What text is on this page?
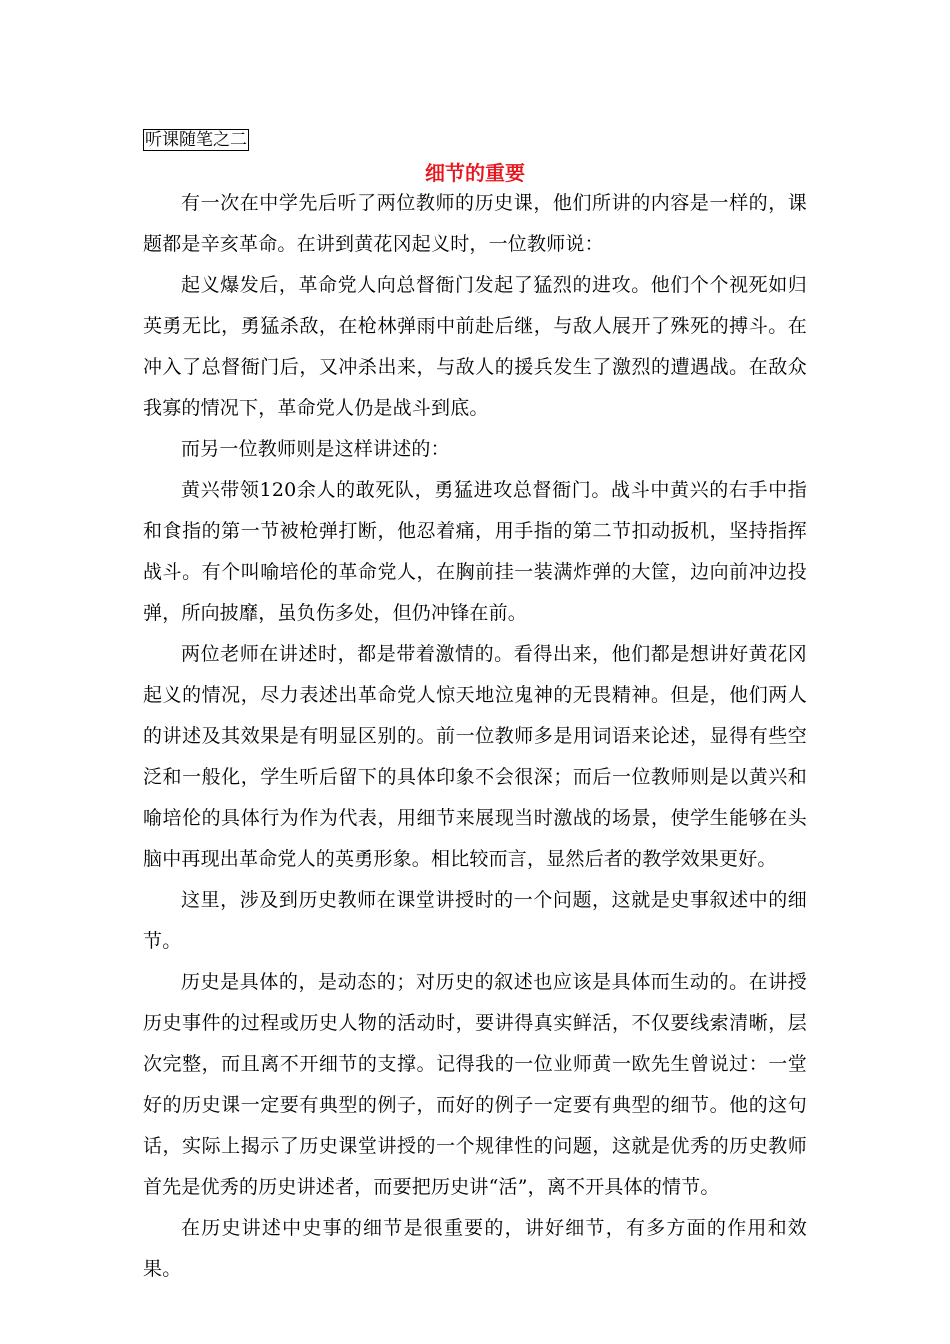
听课随笔之二
细节的重要

有一次在中学先后听了两位教师的历史课，他们所讲的内容是一样的，课题都是辛亥革命。在讲到黄花冈起义时，一位教师说：

起义爆发后，革命党人向总督衙门发起了猛烈的进攻。他们个个视死如归英勇无比，勇猛杀敌，在枪林弹雨中前赴后继，与敌人展开了殊死的搏斗。在冲入了总督衙门后，又冲杀出来，与敌人的援兵发生了激烈的遭遇战。在敌众我寡的情况下，革命党人仍是战斗到底。

而另一位教师则是这样讲述的：

黄兴带领120余人的敢死队，勇猛进攻总督衙门。战斗中黄兴的右手中指和食指的第一节被枪弹打断，他忍着痛，用手指的第二节扣动扳机，坚持指挥战斗。有个叫喻培伦的革命党人，在胸前挂一装满炸弹的大筐，边向前冲边投弹，所向披靡，虽负伤多处，但仍冲锋在前。

两位老师在讲述时，都是带着激情的。看得出来，他们都是想讲好黄花冈起义的情况，尽力表述出革命党人惊天地泣鬼神的无畏精神。但是，他们两人的讲述及其效果是有明显区别的。前一位教师多是用词语来论述，显得有些空泛和一般化，学生听后留下的具体印象不会很深；而后一位教师则是以黄兴和喻培伦的具体行为作为代表，用细节来展现当时激战的场景，使学生能够在头脑中再现出革命党人的英勇形象。相比较而言，显然后者的教学效果更好。

这里，涉及到历史教师在课堂讲授时的一个问题，这就是史事叙述中的细节。

历史是具体的，是动态的；对历史的叙述也应该是具体而生动的。在讲授历史事件的过程或历史人物的活动时，要讲得真实鲜活，不仅要线索清晰，层次完整，而且离不开细节的支撑。记得我的一位业师黄一欧先生曾说过：一堂好的历史课一定要有典型的例子，而好的例子一定要有典型的细节。他的这句话，实际上揭示了历史课堂讲授的一个规律性的问题，这就是优秀的历史教师首先是优秀的历史讲述者，而要把历史讲“活”，离不开具体的情节。

在历史讲述中史事的细节是很重要的，讲好细节，有多方面的作用和效果。
